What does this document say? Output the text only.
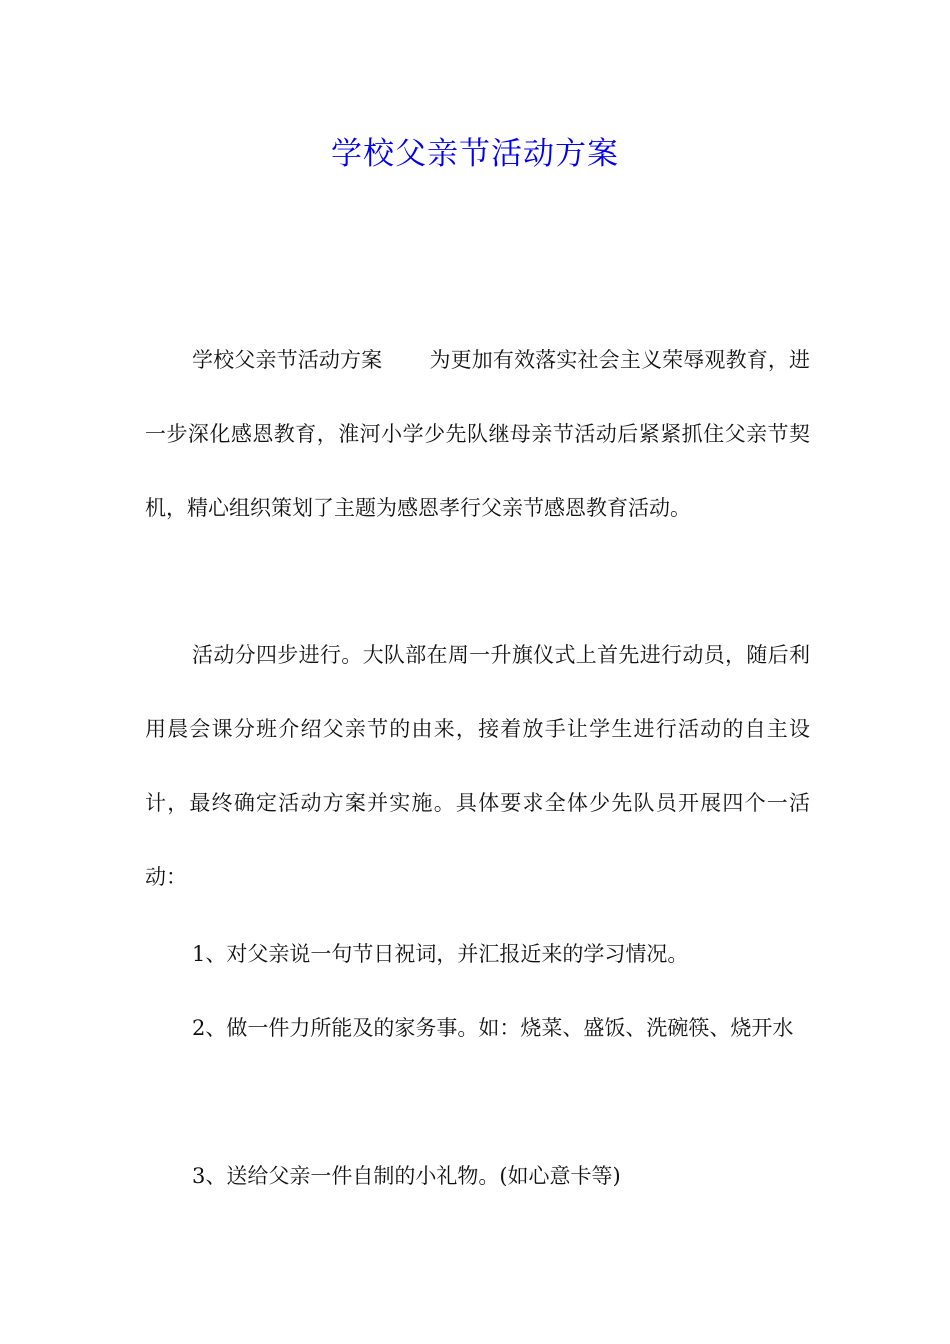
学校父亲节活动方案

学校父亲节活动方案 为更加有效落实社会主义荣辱观教育，进一步深化感恩教育，淮河小学少先队继母亲节活动后紧紧抓住父亲节契机，精心组织策划了主题为感恩孝行父亲节感恩教育活动。

活动分四步进行。大队部在周一升旗仪式上首先进行动员，随后利用晨会课分班介绍父亲节的由来，接着放手让学生进行活动的自主设计，最终确定活动方案并实施。具体要求全体少先队员开展四个一活动：

1、对父亲说一句节日祝词，并汇报近来的学习情况。

2、做一件力所能及的家务事。如：烧菜、盛饭、洗碗筷、烧开水

3、送给父亲一件自制的小礼物。(如心意卡等)
